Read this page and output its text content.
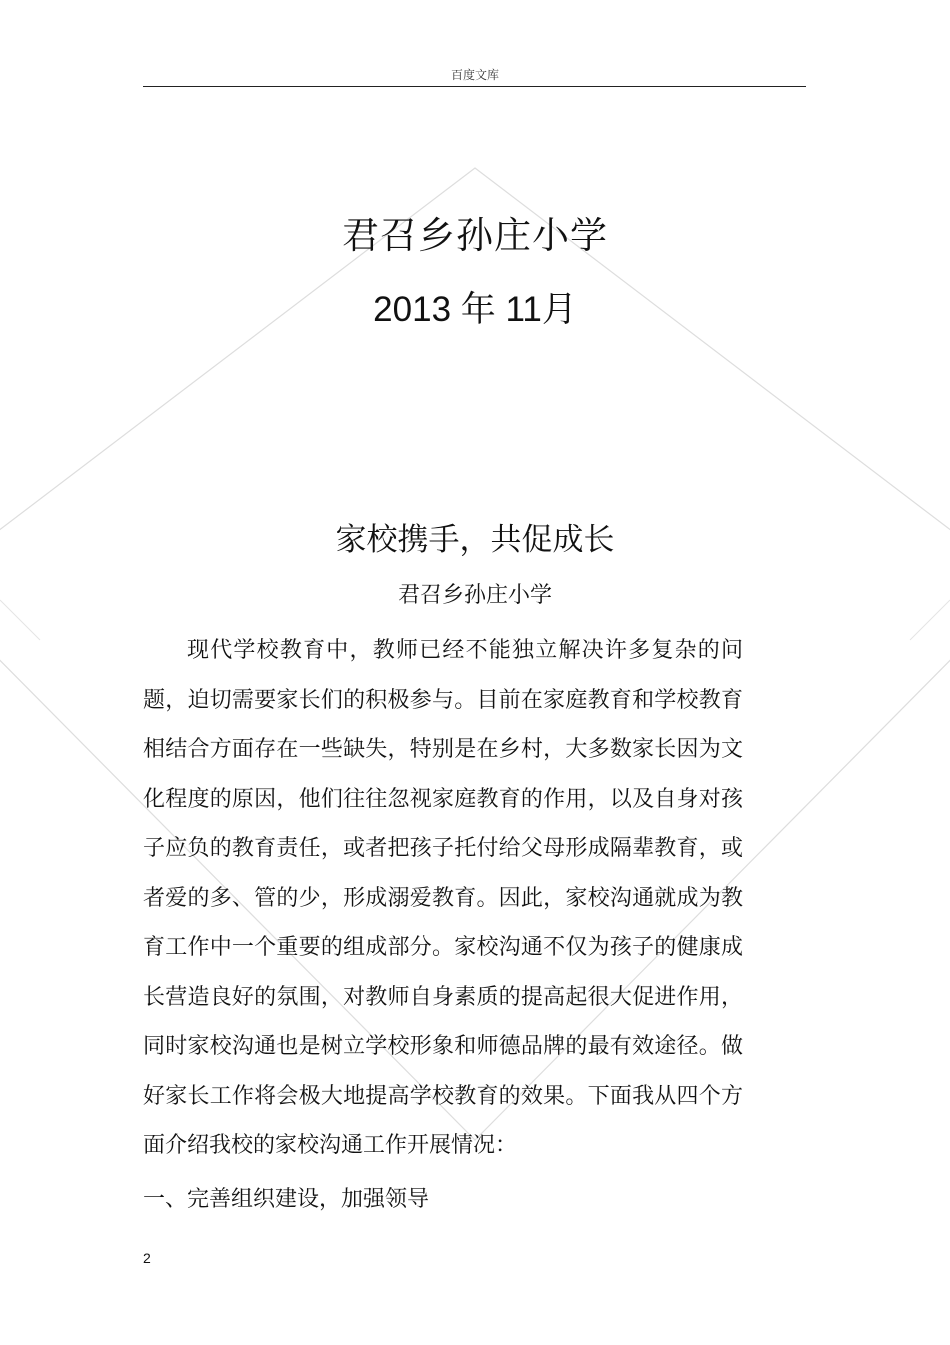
百度文库
君召乡孙庄小学
2013 年 11月
家校携手，共促成长
君召乡孙庄小学

现代学校教育中，教师已经不能独立解决许多复杂的问题，迫切需要家长们的积极参与。目前在家庭教育和学校教育相结合方面存在一些缺失，特别是在乡村，大多数家长因为文化程度的原因，他们往往忽视家庭教育的作用，以及自身对孩子应负的教育责任，或者把孩子托付给父母形成隔辈教育，或者爱的多、管的少，形成溺爱教育。因此，家校沟通就成为教育工作中一个重要的组成部分。家校沟通不仅为孩子的健康成长营造良好的氛围，对教师自身素质的提高起很大促进作用，同时家校沟通也是树立学校形象和师德品牌的最有效途径。做好家长工作将会极大地提高学校教育的效果。下面我从四个方面介绍我校的家校沟通工作开展情况：

一、完善组织建设，加强领导

2
